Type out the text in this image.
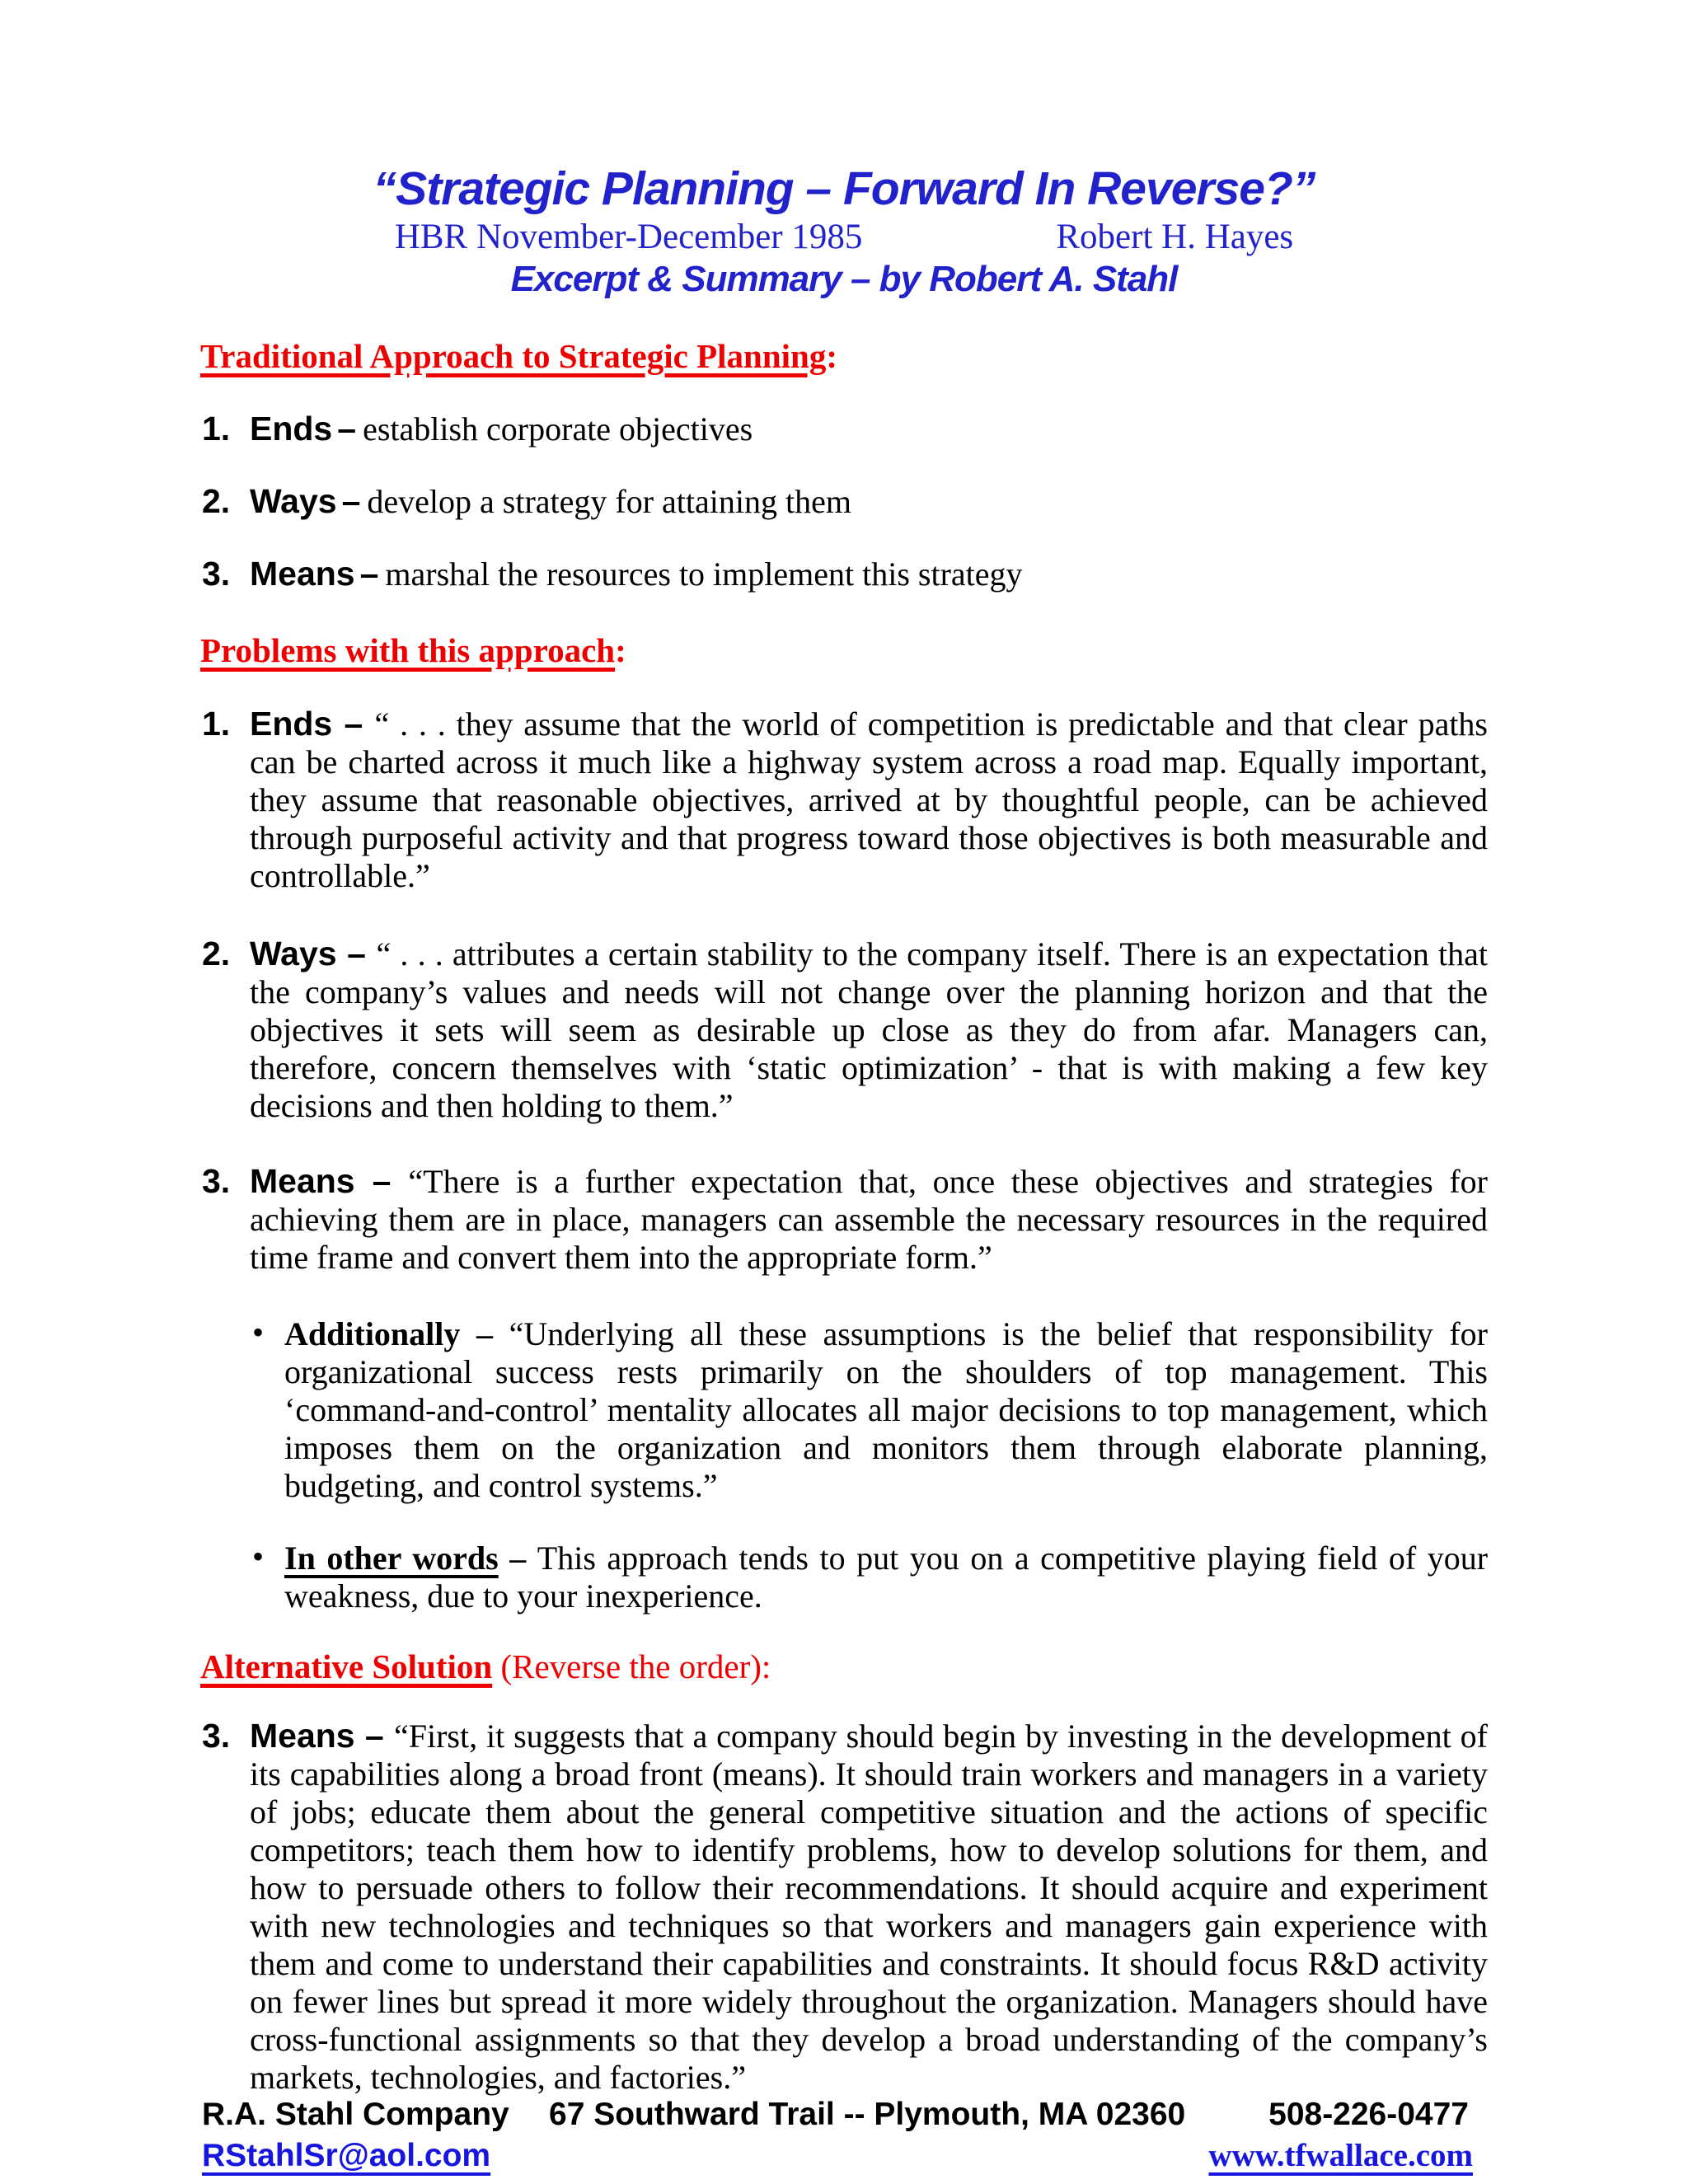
“Strategic Planning – Forward In Reverse?”
HBR November-December 1985	Robert H. Hayes
Excerpt & Summary – by Robert A. Stahl
Traditional Approach to Strategic Planning:
1. Ends – establish corporate objectives
2. Ways – develop a strategy for attaining them
3. Means – marshal the resources to implement this strategy
Problems with this approach:

1. Ends – “ . . . they assume that the world of competition is predictable and that clear paths can be charted across it much like a highway system across a road map. Equally important, they assume that reasonable objectives, arrived at by thoughtful people, can be achieved through purposeful activity and that progress toward those objectives is both measurable and controllable.”

2. Ways – “ . . . attributes a certain stability to the company itself. There is an expectation that the company’s values and needs will not change over the planning horizon and that the objectives it sets will seem as desirable up close as they do from afar. Managers can, therefore, concern themselves with ‘static optimization’ - that is with making a few key decisions and then holding to them.”

3. Means – “There is a further expectation that, once these objectives and strategies for achieving them are in place, managers can assemble the necessary resources in the required time frame and convert them into the appropriate form.”

• Additionally – “Underlying all these assumptions is the belief that responsibility for organizational success rests primarily on the shoulders of top management. This ‘command-and-control’ mentality allocates all major decisions to top management, which imposes them on the organization and monitors them through elaborate planning, budgeting, and control systems.”

• In other words – This approach tends to put you on a competitive playing field of your weakness, due to your inexperience.

Alternative Solution (Reverse the order):

3. Means – “First, it suggests that a company should begin by investing in the development of its capabilities along a broad front (means). It should train workers and managers in a variety of jobs; educate them about the general competitive situation and the actions of specific competitors; teach them how to identify problems, how to develop solutions for them, and how to persuade others to follow their recommendations. It should acquire and experiment with new technologies and techniques so that workers and managers gain experience with them and come to understand their capabilities and constraints. It should focus R&D activity on fewer lines but spread it more widely throughout the organization. Managers should have cross-functional assignments so that they develop a broad understanding of the company’s markets, technologies, and factories.”

R.A. Stahl Company 67 Southward Trail -- Plymouth, MA 02360	508-226-0477
RStahlSr@aol.com	www.tfwallace.com
